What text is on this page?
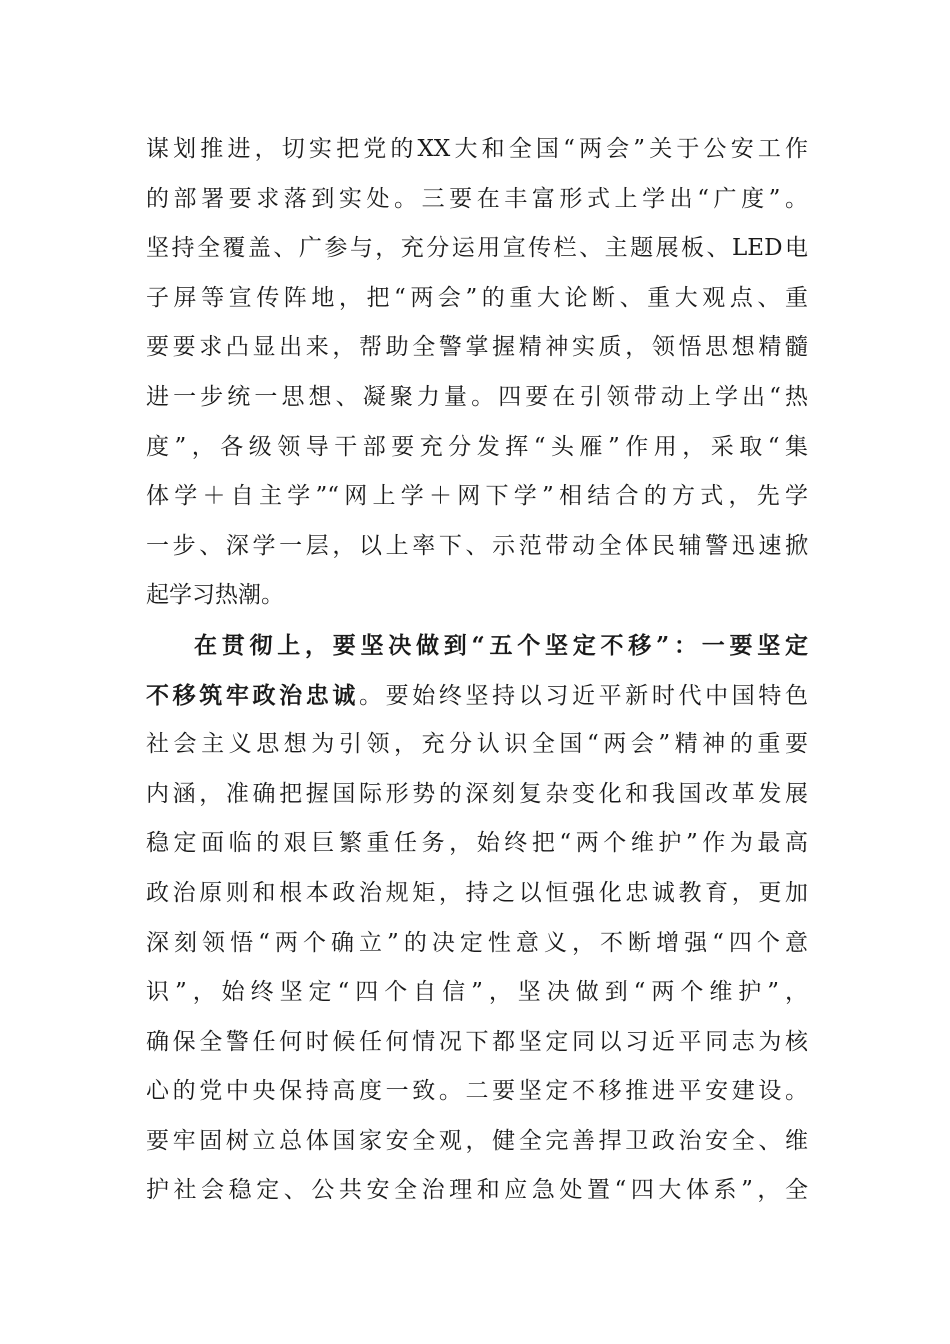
谋划推进，切实把党的XX大和全国“两会”关于公安工作
的部署要求落到实处。三要在丰富形式上学出“广度”。
坚持全覆盖、广参与，充分运用宣传栏、主题展板、LED电
子屏等宣传阵地，把“两会”的重大论断、重大观点、重
要要求凸显出来，帮助全警掌握精神实质，领悟思想精髓
进一步统一思想、凝聚力量。四要在引领带动上学出“热
度”，各级领导干部要充分发挥“头雁”作用，采取“集
体学＋自主学”“网上学＋网下学”相结合的方式，先学
一步、深学一层，以上率下、示范带动全体民辅警迅速掀
起学习热潮。
在贯彻上，要坚决做到“五个坚定不移”：一要坚定
不移筑牢政治忠诚。要始终坚持以习近平新时代中国特色
社会主义思想为引领，充分认识全国“两会”精神的重要
内涵，准确把握国际形势的深刻复杂变化和我国改革发展
稳定面临的艰巨繁重任务，始终把“两个维护”作为最高
政治原则和根本政治规矩，持之以恒强化忠诚教育，更加
深刻领悟“两个确立”的决定性意义，不断增强“四个意
识”，始终坚定“四个自信”，坚决做到“两个维护”，
确保全警任何时候任何情况下都坚定同以习近平同志为核
心的党中央保持高度一致。二要坚定不移推进平安建设。
要牢固树立总体国家安全观，健全完善捍卫政治安全、维
护社会稳定、公共安全治理和应急处置“四大体系”，全
